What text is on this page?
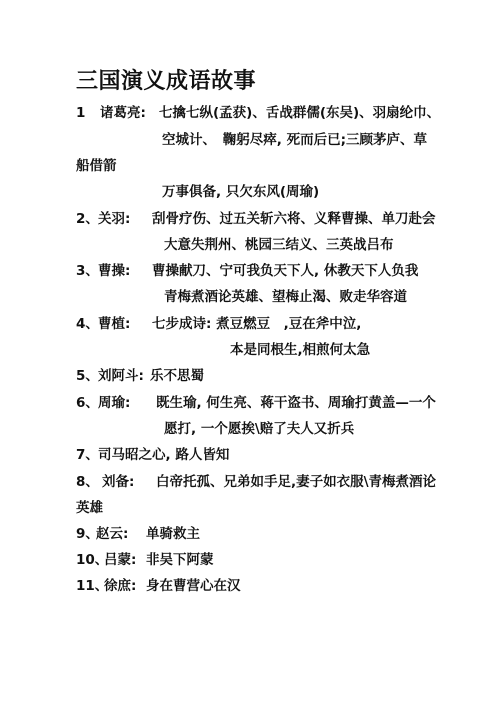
三国演义成语故事
1 诸葛亮: 七擒七纵(孟获)、舌战群儒(东吴)、羽扇纶巾、
空城计、　鞠躬尽瘁, 死而后已;三顾茅庐、草
船借箭
万事俱备, 只欠东风(周瑜)
2、 关羽: 刮骨疗伤、过五关斩六将、义释曹操、单刀赴会
大意失荆州、桃园三结义、三英战吕布
3、 曹操: 曹操献刀、宁可我负天下人, 休教天下人负我
青梅煮酒论英雄、望梅止渴、败走华容道
4、 曹植: 七步成诗: 煮豆燃豆　,豆在斧中泣,
本是同根生,相煎何太急
5、 刘阿斗: 乐不思蜀
6、 周瑜: 既生瑜, 何生亮、蒋干盗书、周瑜打黄盖—一个
愿打, 一个愿挨\赔了夫人又折兵
7、 司马昭之心, 路人皆知
8、 刘备: 白帝托孤、兄弟如手足,妻子如衣服\青梅煮酒论
英雄
9、
赵云: 单骑救主
10、
吕蒙: 非吴下阿蒙
11、
徐庶: 身在曹营心在汉
